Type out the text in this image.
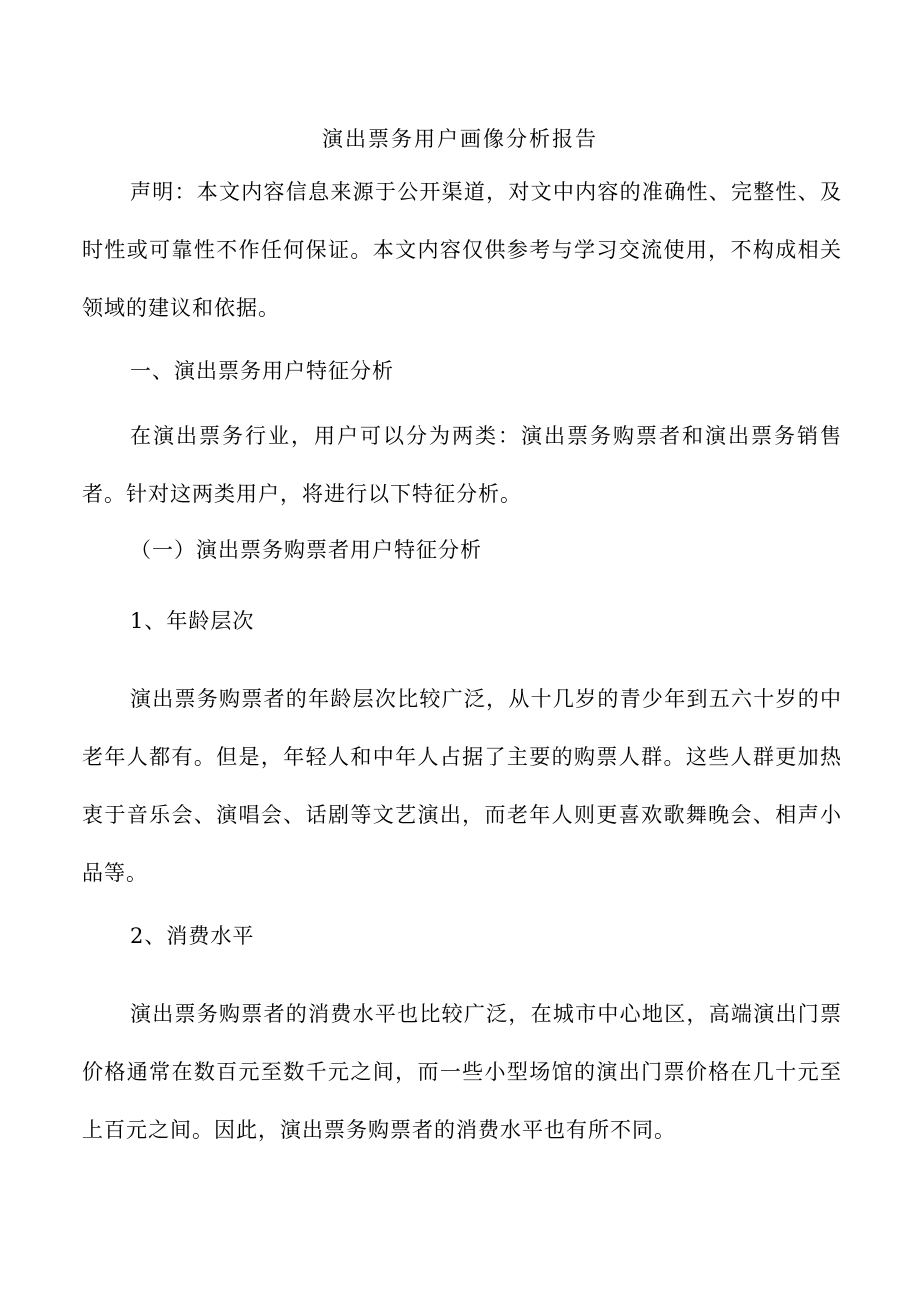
演出票务用户画像分析报告
声明：本文内容信息来源于公开渠道，对文中内容的准确性、完整性、及时性或可靠性不作任何保证。本文内容仅供参考与学习交流使用，不构成相关领域的建议和依据。
一、演出票务用户特征分析
在演出票务行业，用户可以分为两类：演出票务购票者和演出票务销售者。针对这两类用户，将进行以下特征分析。
（一）演出票务购票者用户特征分析
1、年龄层次
演出票务购票者的年龄层次比较广泛，从十几岁的青少年到五六十岁的中老年人都有。但是，年轻人和中年人占据了主要的购票人群。这些人群更加热衷于音乐会、演唱会、话剧等文艺演出，而老年人则更喜欢歌舞晚会、相声小品等。
2、消费水平
演出票务购票者的消费水平也比较广泛，在城市中心地区，高端演出门票价格通常在数百元至数千元之间，而一些小型场馆的演出门票价格在几十元至上百元之间。因此，演出票务购票者的消费水平也有所不同。
